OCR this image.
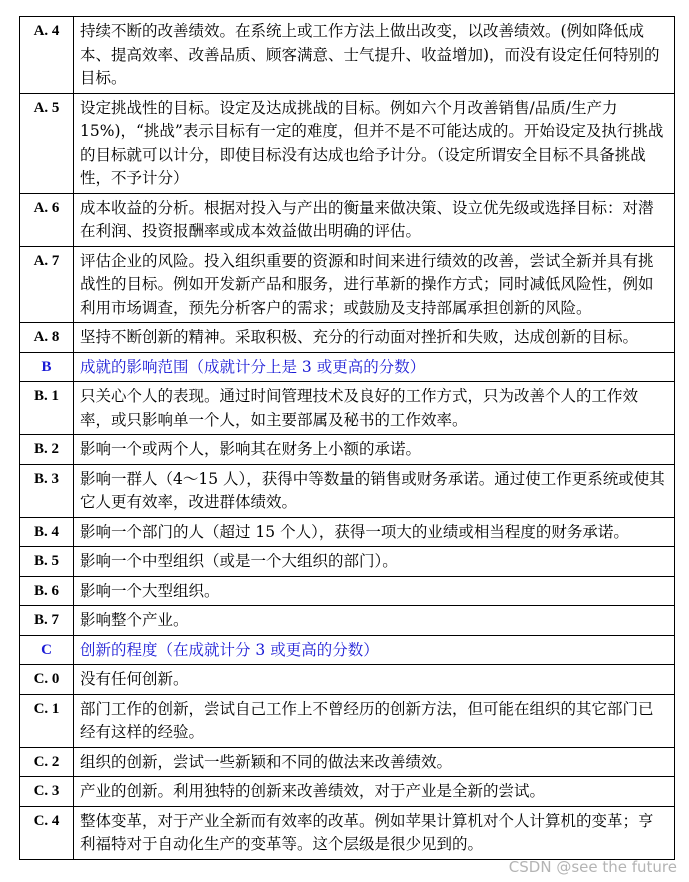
A. 4	持续不断的改善绩效。在系统上或工作方法上做出改变，以改善绩效。(例如降低成本、提高效率、改善品质、顾客满意、士气提升、收益增加)，而没有设定任何特别的目标。
A. 5	设定挑战性的目标。设定及达成挑战的目标。例如六个月改善销售/品质/生产力 15%)，“挑战”表示目标有一定的难度，但并不是不可能达成的。开始设定及执行挑战的目标就可以计分，即使目标没有达成也给予计分。（设定所谓安全目标不具备挑战性，不予计分）
A. 6	成本收益的分析。根据对投入与产出的衡量来做决策、设立优先级或选择目标：对潜在利润、投资报酬率或成本效益做出明确的评估。
A. 7	评估企业的风险。投入组织重要的资源和时间来进行绩效的改善，尝试全新并具有挑战性的目标。例如开发新产品和服务，进行革新的操作方式；同时减低风险性，例如利用市场调查，预先分析客户的需求；或鼓励及支持部属承担创新的风险。
A. 8	坚持不断创新的精神。采取积极、充分的行动面对挫折和失败，达成创新的目标。
B	成就的影响范围（成就计分上是 3 或更高的分数）
B. 1	只关心个人的表现。通过时间管理技术及良好的工作方式，只为改善个人的工作效率，或只影响单一个人，如主要部属及秘书的工作效率。
B. 2	影响一个或两个人，影响其在财务上小额的承诺。
B. 3	影响一群人（4～15 人），获得中等数量的销售或财务承诺。通过使工作更系统或使其它人更有效率，改进群体绩效。
B. 4	影响一个部门的人（超过 15 个人），获得一项大的业绩或相当程度的财务承诺。
B. 5	影响一个中型组织（或是一个大组织的部门）。
B. 6	影响一个大型组织。
B. 7	影响整个产业。
C	创新的程度（在成就计分 3 或更高的分数）
C. 0	没有任何创新。
C. 1	部门工作的创新，尝试自己工作上不曾经历的创新方法，但可能在组织的其它部门已经有这样的经验。
C. 2	组织的创新，尝试一些新颖和不同的做法来改善绩效。
C. 3	产业的创新。利用独特的创新来改善绩效，对于产业是全新的尝试。
C. 4	整体变革，对于产业全新而有效率的改革。例如苹果计算机对个人计算机的变革；亨利福特对于自动化生产的变革等。这个层级是很少见到的。
CSDN @see the future
